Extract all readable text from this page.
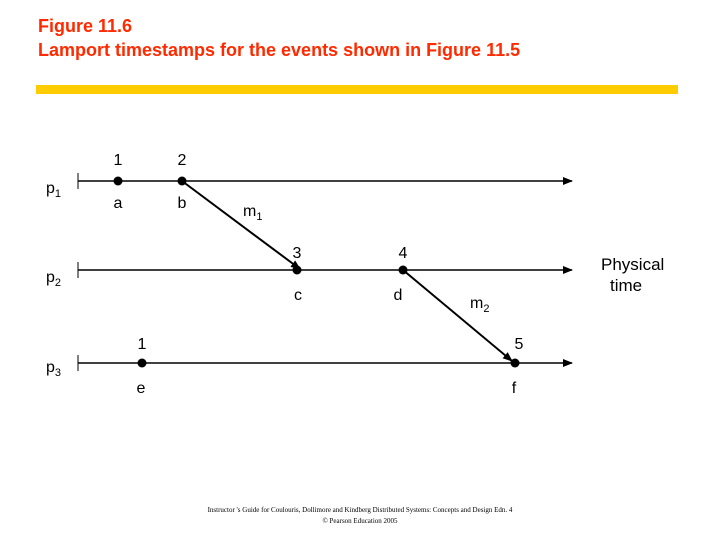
Figure 11.6
Lamport timestamps for the events shown in Figure 11.5
$p_1$
$p_2$
$p_3$
$m_1$
$m_2$
1	2
3	4
1	5
a	b
c	d
e	f
Physical
time
Instructor 's Guide for Coulouris, Dollimore and Kindberg Distributed Systems: Concepts and Design Edn. 4
© Pearson Education 2005
